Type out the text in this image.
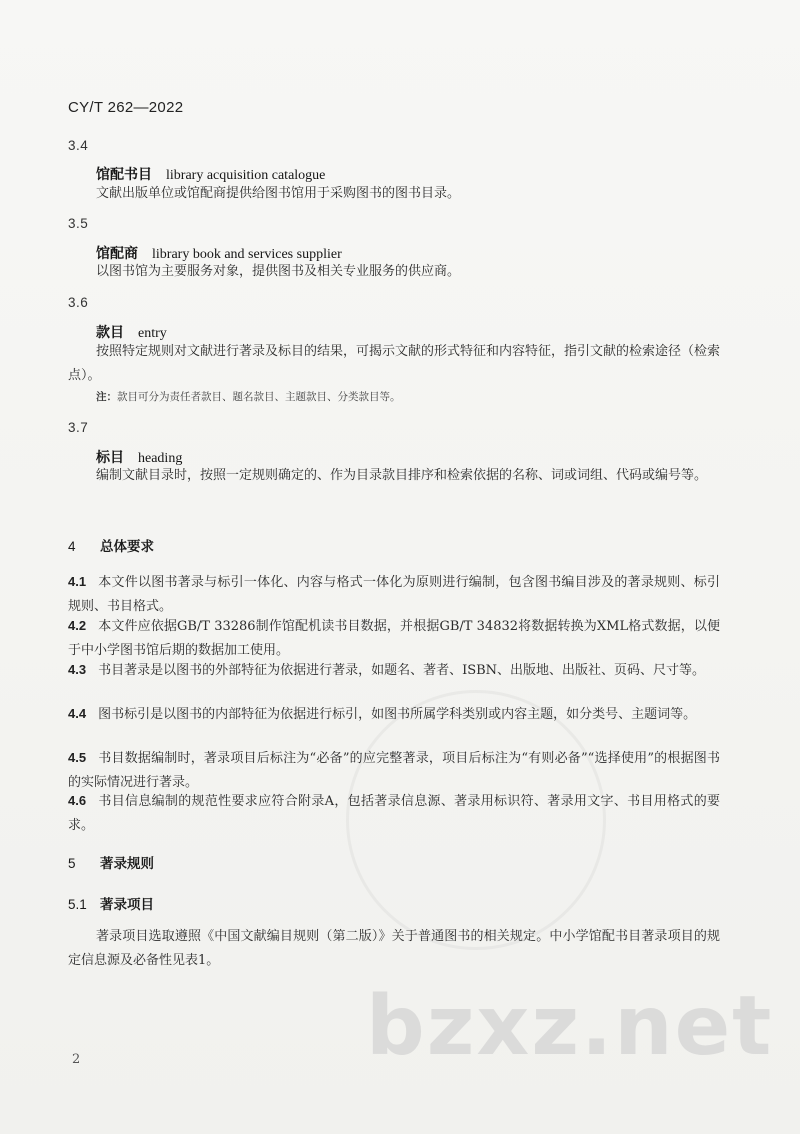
CY/T 262—2022
3.4
馆配书目 library acquisition catalogue

文献出版单位或馆配商提供给图书馆用于采购图书的图书目录。

3.5
馆配商 library book and services supplier

以图书馆为主要服务对象，提供图书及相关专业服务的供应商。

3.6
款目 entry

按照特定规则对文献进行著录及标目的结果，可揭示文献的形式特征和内容特征，指引文献的检索途径（检索点）。

注：款目可分为责任者款目、题名款目、主题款目、分类款目等。
3.7
标目 heading

编制文献目录时，按照一定规则确定的、作为目录款目排序和检索依据的名称、词或词组、代码或编号等。

4 总体要求

4.1 本文件以图书著录与标引一体化、内容与格式一体化为原则进行编制，包含图书编目涉及的著录规则、标引规则、书目格式。

4.2 本文件应依据GB/T 33286制作馆配机读书目数据，并根据GB/T 34832将数据转换为XML格式数据，以便于中小学图书馆后期的数据加工使用。

4.3 书目著录是以图书的外部特征为依据进行著录，如题名、著者、ISBN、出版地、出版社、页码、尺寸等。

4.4 图书标引是以图书的内部特征为依据进行标引，如图书所属学科类别或内容主题，如分类号、主题词等。

4.5 书目数据编制时，著录项目后标注为“必备”的应完整著录，项目后标注为“有则必备”“选择使用”的根据图书的实际情况进行著录。

4.6 书目信息编制的规范性要求应符合附录A，包括著录信息源、著录用标识符、著录用文字、书目用格式的要求。

5 著录规则
5.1 著录项目

著录项目选取遵照《中国文献编目规则（第二版）》关于普通图书的相关规定。中小学馆配书目著录项目的规定信息源及必备性见表1。

bzxz.net
2
